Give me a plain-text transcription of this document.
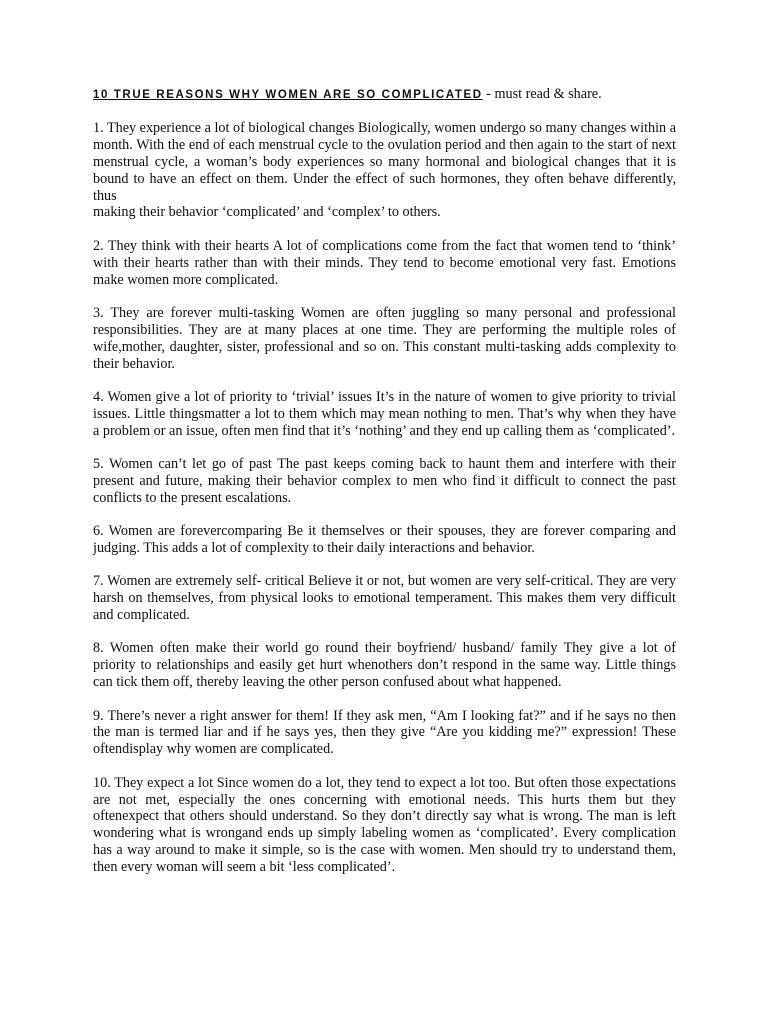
10 TRUE REASONS WHY WOMEN ARE SO COMPLICATED - must read & share.

1. They experience a lot of biological changes Biologically, women undergo so many changes within a month. With the end of each menstrual cycle to the ovulation period and then again to the start of next menstrual cycle, a woman’s body experiences so many hormonal and biological changes that it is bound to have an effect on them. Under the effect of such hormones, they often behave differently, thus
making their behavior ‘complicated’ and ‘complex’ to others.

2. They think with their hearts A lot of complications come from the fact that women tend to ‘think’ with their hearts rather than with their minds. They tend to become emotional very fast. Emotions make women more complicated.

3. They are forever multi-tasking Women are often juggling so many personal and professional responsibilities. They are at many places at one time. They are performing the multiple roles of wife,mother, daughter, sister, professional and so on. This constant multi-tasking adds complexity to their behavior.

4. Women give a lot of priority to ‘trivial’ issues It’s in the nature of women to give priority to trivial issues. Little thingsmatter a lot to them which may mean nothing to men. That’s why when they have a problem or an issue, often men find that it’s ‘nothing’ and they end up calling them as ‘complicated’.

5. Women can’t let go of past The past keeps coming back to haunt them and interfere with their present and future, making their behavior complex to men who find it difficult to connect the past conflicts to the present escalations.

6. Women are forevercomparing Be it themselves or their spouses, they are forever comparing and judging. This adds a lot of complexity to their daily interactions and behavior.

7. Women are extremely self- critical Believe it or not, but women are very self-critical. They are very harsh on themselves, from physical looks to emotional temperament. This makes them very difficult and complicated.

8. Women often make their world go round their boyfriend/ husband/ family They give a lot of priority to relationships and easily get hurt whenothers don’t respond in the same way. Little things can tick them off, thereby leaving the other person confused about what happened.

9. There’s never a right answer for them! If they ask men, “Am I looking fat?” and if he says no then the man is termed liar and if he says yes, then they give “Are you kidding me?” expression! These oftendisplay why women are complicated.

10. They expect a lot Since women do a lot, they tend to expect a lot too. But often those expectations are not met, especially the ones concerning with emotional needs. This hurts them but they oftenexpect that others should understand. So they don’t directly say what is wrong. The man is left wondering what is wrongand ends up simply labeling women as ‘complicated’. Every complication has a way around to make it simple, so is the case with women. Men should try to understand them, then every woman will seem a bit ‘less complicated’.
